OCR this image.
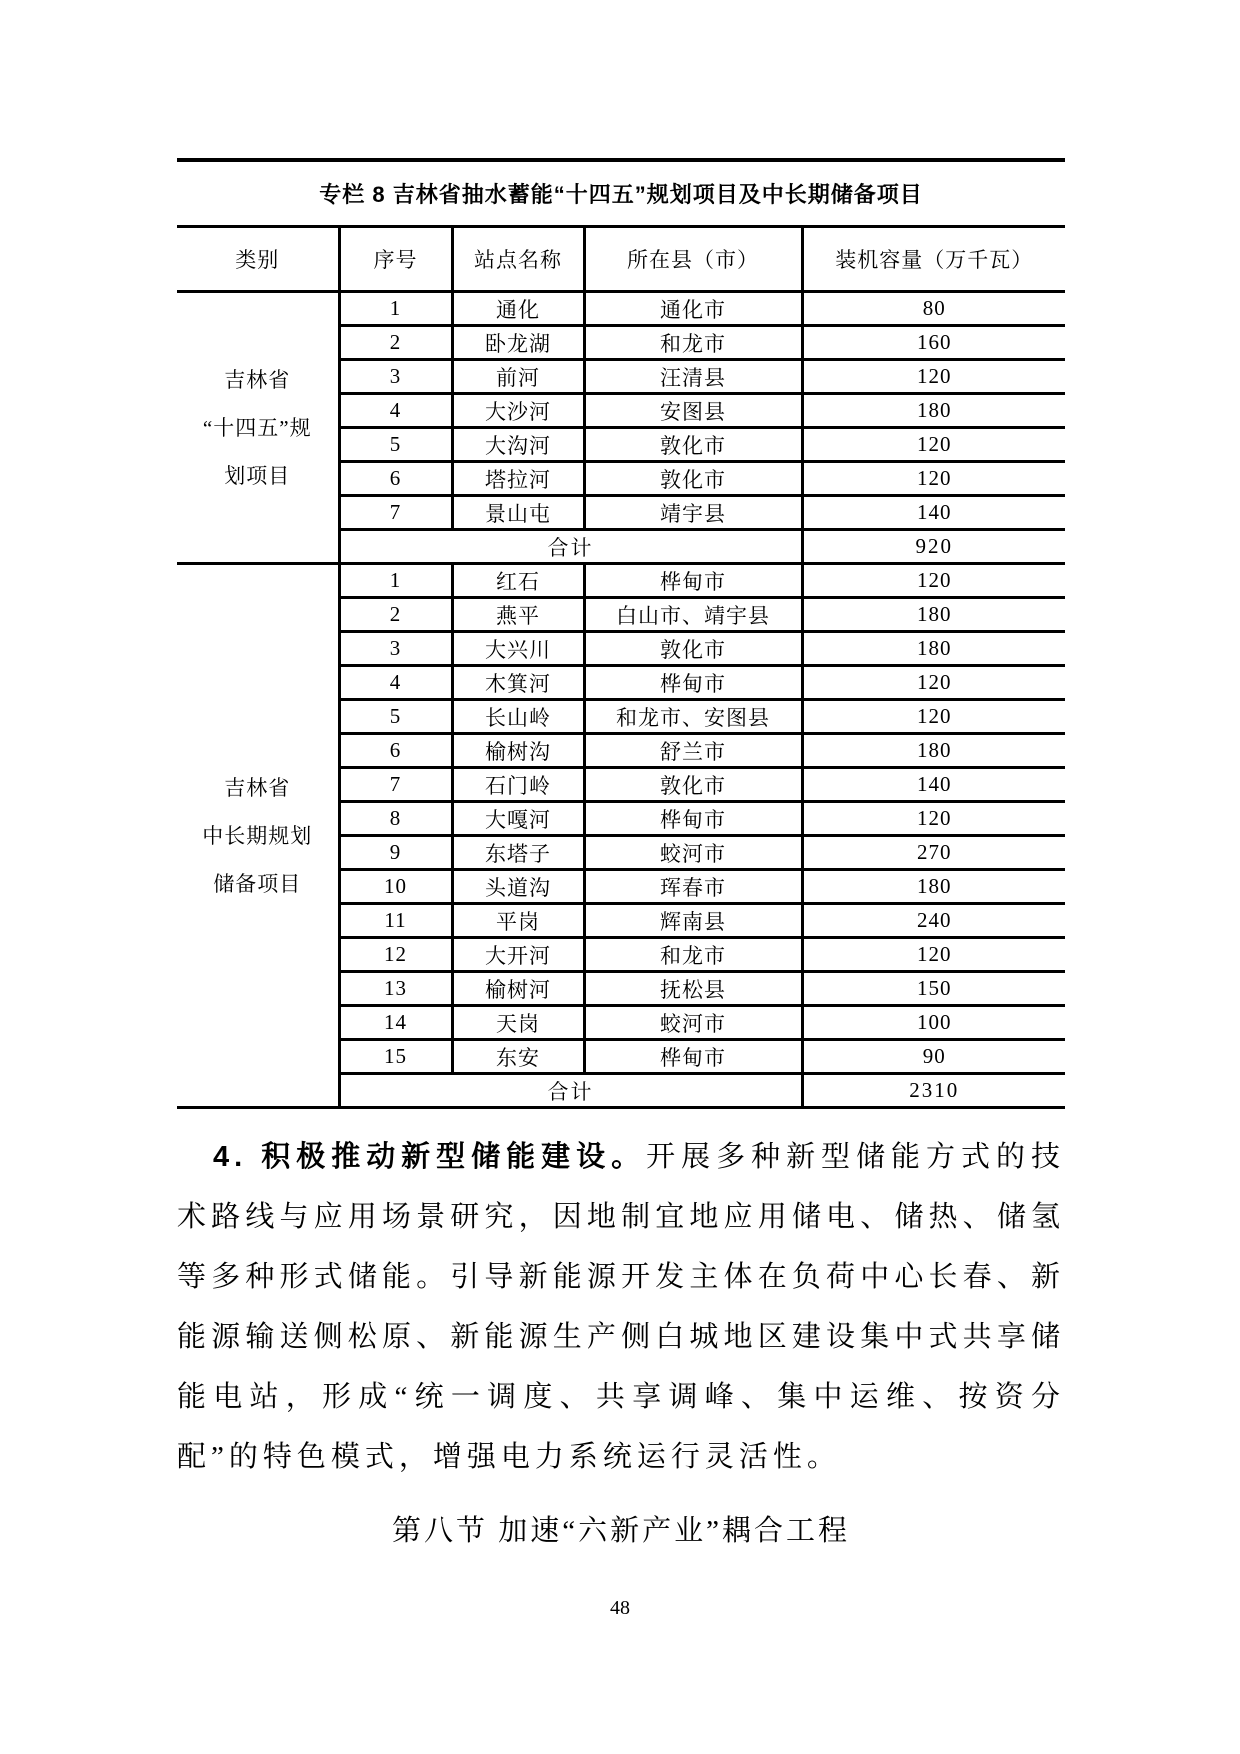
专栏 8 吉林省抽水蓄能“十四五”规划项目及中长期储备项目
类别	序号	站点名称	所在县（市）	装机容量（万千瓦）

吉林省
“十四五”规
划项目	1	通化	通化市	80
	2	卧龙湖	和龙市	160
	3	前河	汪清县	120
	4	大沙河	安图县	180
	5	大沟河	敦化市	120
	6	塔拉河	敦化市	120
	7	景山屯	靖宇县	140
	合计			920

吉林省
中长期规划
储备项目	1	红石	桦甸市	120
	2	燕平	白山市、靖宇县	180
	3	大兴川	敦化市	180
	4	木箕河	桦甸市	120
	5	长山岭	和龙市、安图县	120
	6	榆树沟	舒兰市	180
	7	石门岭	敦化市	140
	8	大嘎河	桦甸市	120
	9	东塔子	蛟河市	270
	10	头道沟	珲春市	180
	11	平岗	辉南县	240
	12	大开河	和龙市	120
	13	榆树河	抚松县	150
	14	天岗	蛟河市	100
	15	东安	桦甸市	90
	合计			2310
4. 积极推动新型储能建设。开展多种新型储能方式的技术路线与应用场景研究，因地制宜地应用储电、储热、储氢等多种形式储能。引导新能源开发主体在负荷中心长春、新能源输送侧松原、新能源生产侧白城地区建设集中式共享储能电站，形成“统一调度、共享调峰、集中运维、按资分配”的特色模式，增强电力系统运行灵活性。
第八节 加速“六新产业”耦合工程
48
